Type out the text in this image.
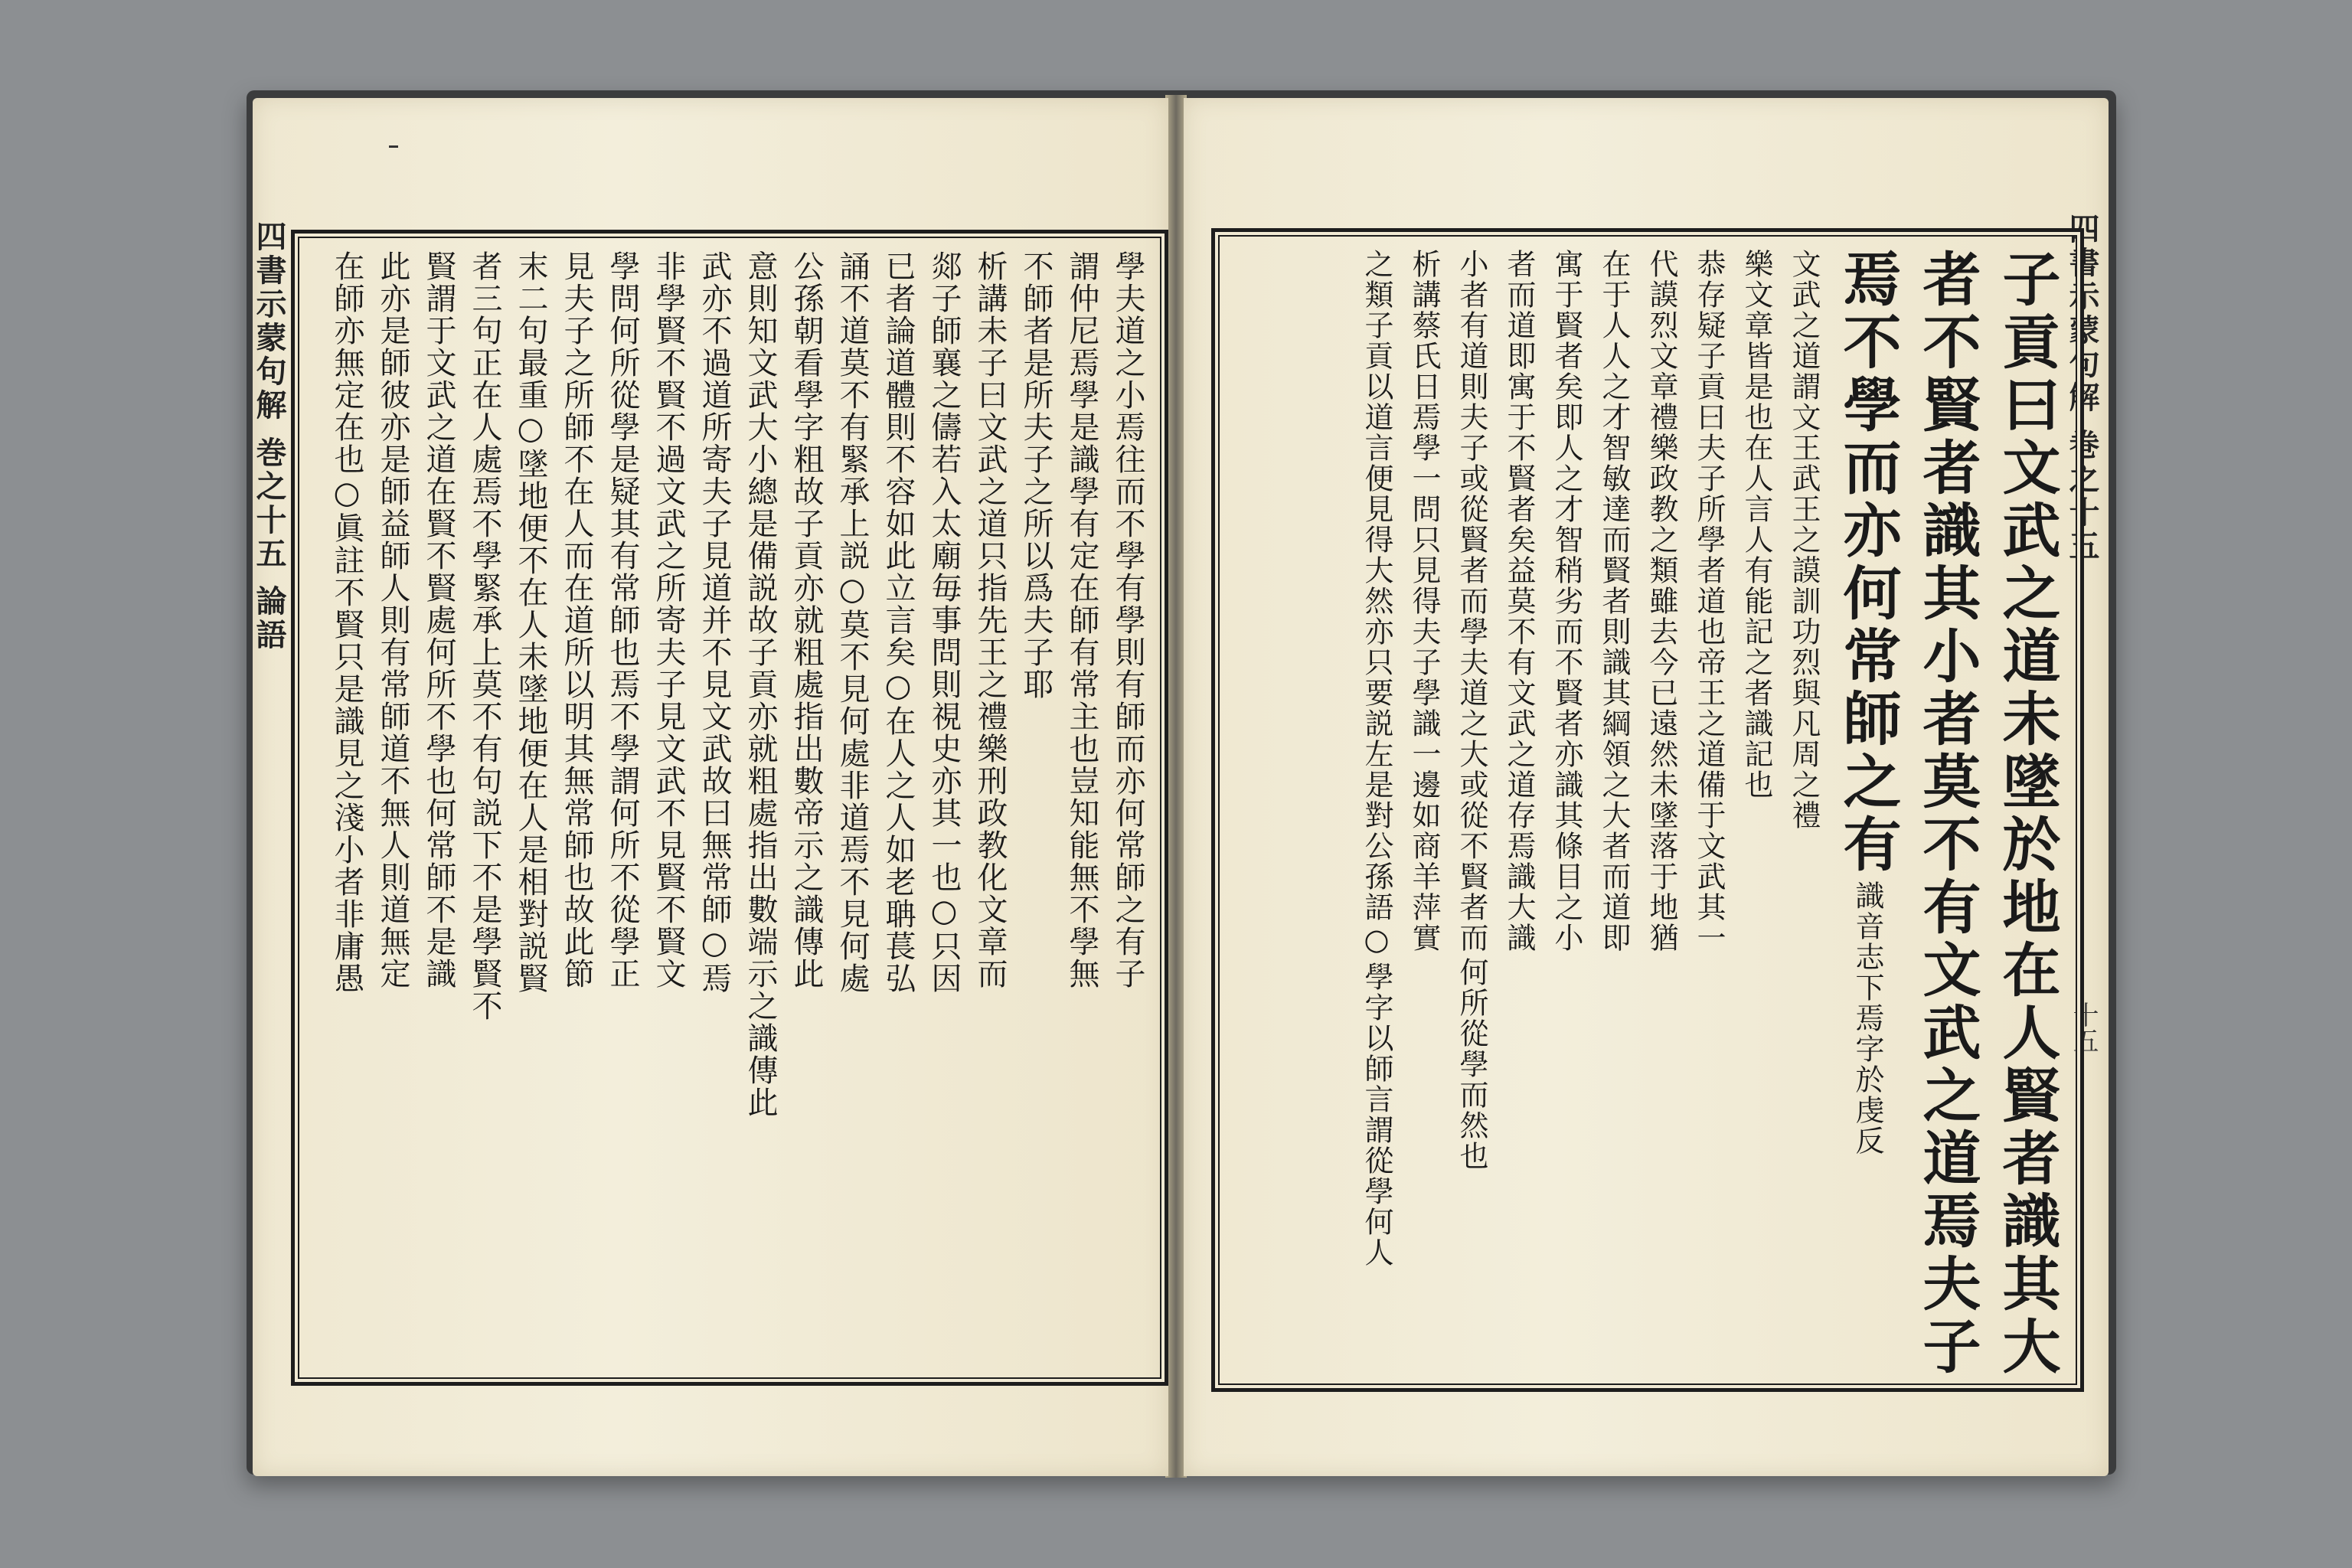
四書示蒙句解 巻之十五 論語	學夫道之小焉往而不學有學則有師而亦何常師之有子 謂仲尼焉學是識學有定在師有常主也豈知能無不學無 不師者是所夫子之所以爲夫子耶 析講未子曰文武之道只指先王之禮樂刑政教化文章而 郯子師襄之儔若入太廟毎事問則視史亦其一也○只因 已者論道體則不容如此立言矣○在人之人如老聃萇弘 誦不道莫不有緊承上説○莫不見何處非道焉不見何處 公孫朝看學字粗故子貢亦就粗處指出數帝示之識傳此 意則知文武大小總是備説故子貢亦就粗處指出數端示之識傳此 武亦不過道所寄夫子見道并不見文武故曰無常師○焉 非學賢不賢不過文武之所寄夫子見文武不見賢不賢文 學問何所從學是疑其有常師也焉不學謂何所不從學正 見夫子之所師不在人而在道所以明其無常師也故此節 末二句最重○墜地便不在人未墜地便在人是相對説賢 者三句正在人處焉不學緊承上莫不有句説下不是學賢不 賢謂于文武之道在賢不賢處何所不學也何常師不是識 此亦是師彼亦是師益師人則有常師道不無人則道無定 在師亦無定在也○眞註不賢只是識見之淺小者非庸愚	四書示蒙句解 巻之十五
十五
子貢曰文武之道未墜於地在人賢者識其大 者不賢者識其小者莫不有文武之道焉夫子 焉不學而亦何常師之有 識音志下焉字於虔反 文武之道謂文王武王之謨訓功烈與凡周之禮 樂文章皆是也在人言人有能記之者識記也 恭存疑子貢曰夫子所學者道也帝王之道備于文武其一 代謨烈文章禮樂政教之類雖去今已遠然未墜落于地猶 在于人人之才智敏達而賢者則識其綱領之大者而道即 寓于賢者矣即人之才智稍劣而不賢者亦識其條目之小 者而道即寓于不賢者矣益莫不有文武之道存焉識大識 小者有道則夫子或從賢者而學夫道之大或從不賢者而 何所從學而然也 析講蔡氏日焉學一問只見得夫子學識一邊如商羊萍實 之類子貢以道言便見得大然亦只要説左是對公孫語○ 學字以師言謂從學何人
